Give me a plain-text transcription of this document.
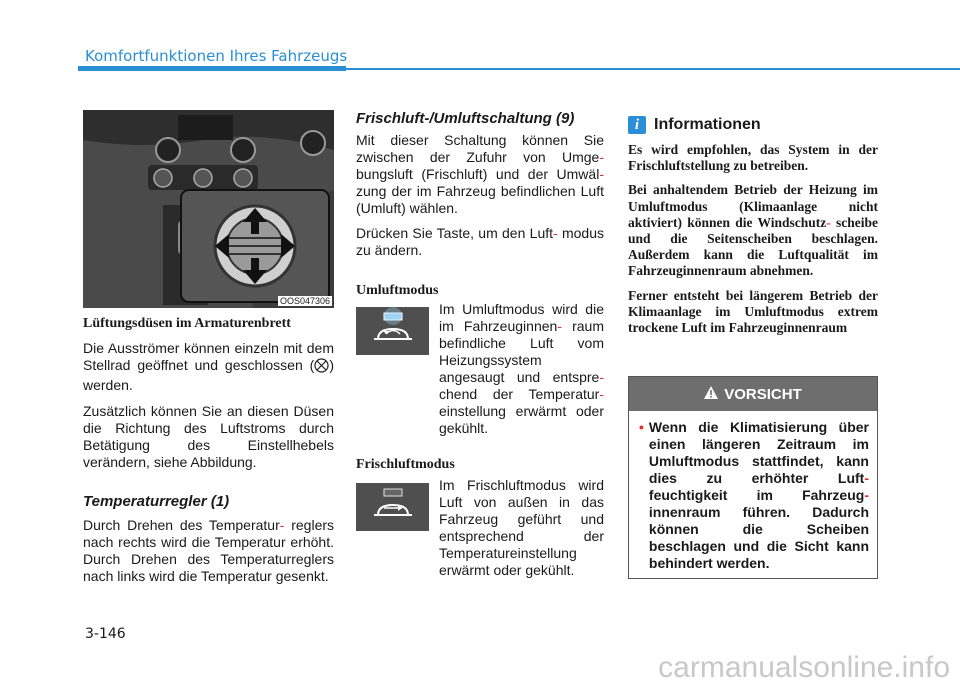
Komfortfunktionen Ihres Fahrzeugs
OOS047306

Lüftungsdüsen im Armaturenbrett

Die Ausströmer können einzeln mit dem Stellrad geöffnet und geschlossen ( ) werden.

Zusätzlich können Sie an diesen Düsen die Richtung des Luftstroms durch Betätigung des Einstellhebels verändern, siehe Abbildung.

Temperaturregler (1)

Durch Drehen des Temperatur- reglers nach rechts wird die Temperatur erhöht. Durch Drehen des Temperaturreglers nach links wird die Temperatur gesenkt.

Frischluft-/Umluftschaltung (9)

Mit dieser Schaltung können Sie zwischen der Zufuhr von Umge- bungsluft (Frischluft) und der Umwäl- zung der im Fahrzeug befindlichen Luft (Umluft) wählen.

Drücken Sie Taste, um den Luft- modus zu ändern.

Umluftmodus

Im Umluftmodus wird die im Fahrzeuginnen- raum befindliche Luft vom Heizungssystem angesaugt und entspre- chend der Temperatur- einstellung erwärmt oder gekühlt.

Frischluftmodus

Im Frischluftmodus wird Luft von außen in das Fahrzeug geführt und entsprechend der Temperatureinstellung erwärmt oder gekühlt.

i Informationen

Es wird empfohlen, das System in der Frischluftstellung zu betreiben.

Bei anhaltendem Betrieb der Heizung im Umluftmodus (Klimaanlage nicht aktiviert) können die Windschutz- scheibe und die Seitenscheiben beschlagen. Außerdem kann die Luftqualität im Fahrzeuginnenraum abnehmen.

Ferner entsteht bei längerem Betrieb der Klimaanlage im Umluftmodus extrem trockene Luft im Fahrzeuginnenraum

VORSICHT
• Wenn die Klimatisierung über einen längeren Zeitraum im Umluftmodus stattfindet, kann dies zu erhöhter Luft- feuchtigkeit im Fahrzeug- innenraum führen. Dadurch können die Scheiben beschlagen und die Sicht kann behindert werden.
3-146
carmanualsonline.info
